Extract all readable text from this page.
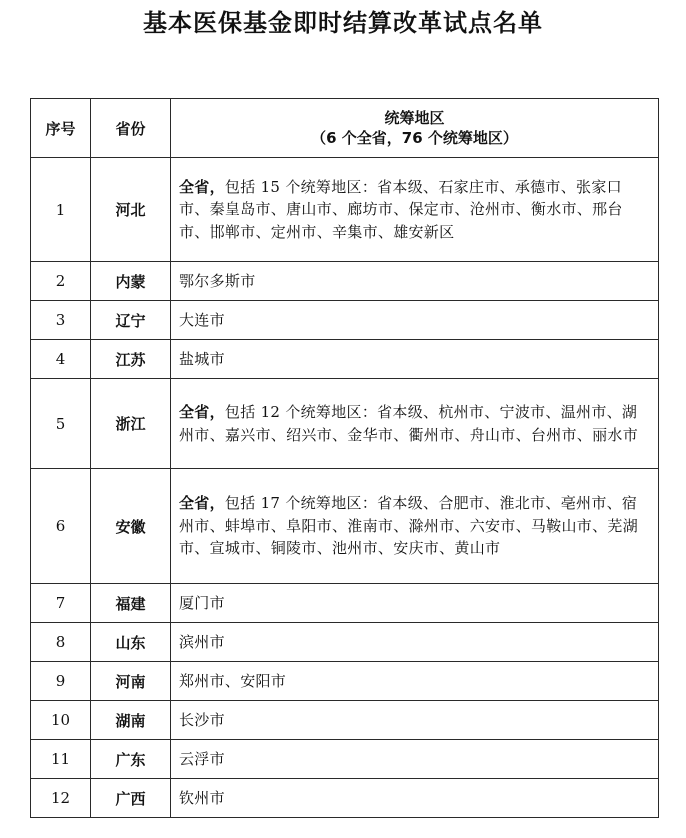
基本医保基金即时结算改革试点名单
序号	省份	统筹地区
（6 个全省，76 个统筹地区）

1	河北	全省，包括 15 个统筹地区：省本级、石家庄市、承德市、张家口市、秦皇岛市、唐山市、廊坊市、保定市、沧州市、衡水市、邢台市、邯郸市、定州市、辛集市、雄安新区
2	内蒙	鄂尔多斯市
3	辽宁	大连市
4	江苏	盐城市
5	浙江	全省，包括 12 个统筹地区：省本级、杭州市、宁波市、温州市、湖州市、嘉兴市、绍兴市、金华市、衢州市、舟山市、台州市、丽水市
6	安徽	全省，包括 17 个统筹地区：省本级、合肥市、淮北市、亳州市、宿州市、蚌埠市、阜阳市、淮南市、滁州市、六安市、马鞍山市、芜湖市、宣城市、铜陵市、池州市、安庆市、黄山市
7	福建	厦门市
8	山东	滨州市
9	河南	郑州市、安阳市
10	湖南	长沙市
11	广东	云浮市
12	广西	钦州市
